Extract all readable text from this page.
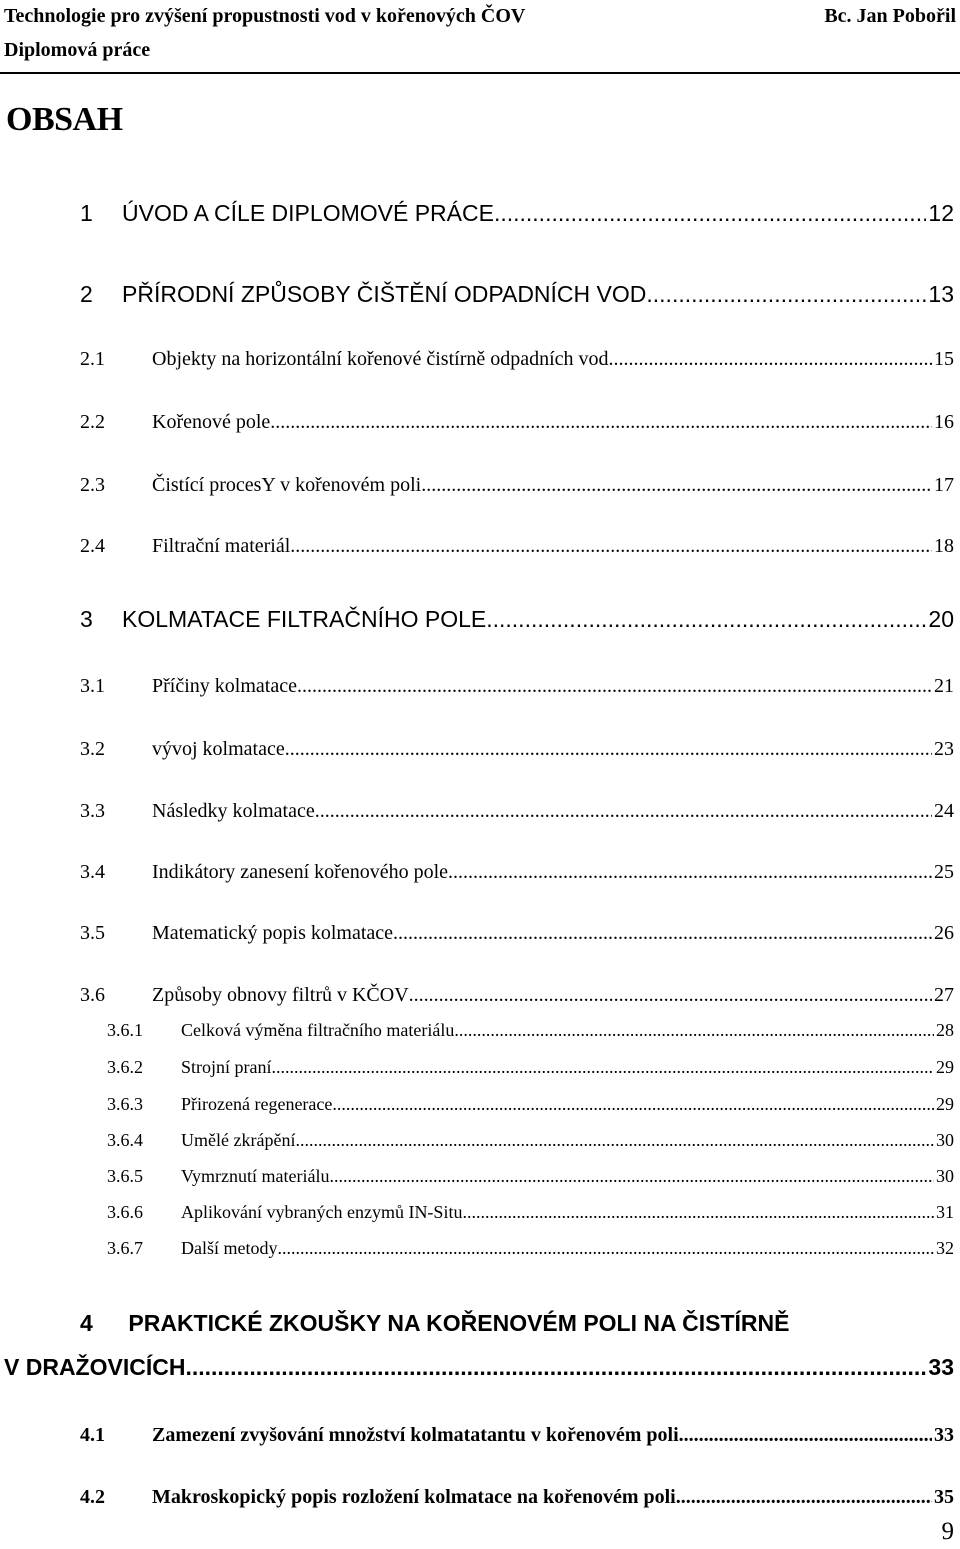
Technologie pro zvýšení propustnosti vod v kořenových ČOV	Bc. Jan Pobořil
Diplomová práce
OBSAH
1	ÚVOD A CÍLE DIPLOMOVÉ PRÁCE .....	12
2	PŘÍRODNÍ ZPŮSOBY ČIŠTĚNÍ ODPADNÍCH VOD .....	13
2.1	Objekty na horizontální kořenové čistírně odpadních vod .....	15
2.2	Kořenové pole .....	16
2.3	Čistící procesY v kořenovém poli .....	17
2.4	Filtrační materiál .....	18
3	KOLMATACE FILTRAČNÍHO POLE .....	20
3.1	Příčiny kolmatace .....	21
3.2	vývoj kolmatace .....	23
3.3	Následky kolmatace .....	24
3.4	Indikátory zanesení kořenového pole .....	25
3.5	Matematický popis kolmatace .....	26
3.6	Způsoby obnovy filtrů v KČOV .....	27
3.6.1	Celková výměna filtračního materiálu .....	28
3.6.2	Strojní praní .....	29
3.6.3	Přirozená regenerace .....	29
3.6.4	Umělé zkrápění .....	30
3.6.5	Vymrznutí materiálu .....	30
3.6.6	Aplikování vybraných enzymů IN-Situ .....	31
3.6.7	Další metody .....	32
4 PRAKTICKÉ ZKOUŠKY NA KOŘENOVÉM POLI NA ČISTÍRNĚ
V DRAŽOVICÍCH .....	33
4.1	Zamezení zvyšování množství kolmatatantu v kořenovém poli .....	33
4.2	Makroskopický popis rozložení kolmatace na kořenovém poli .....	35
9
